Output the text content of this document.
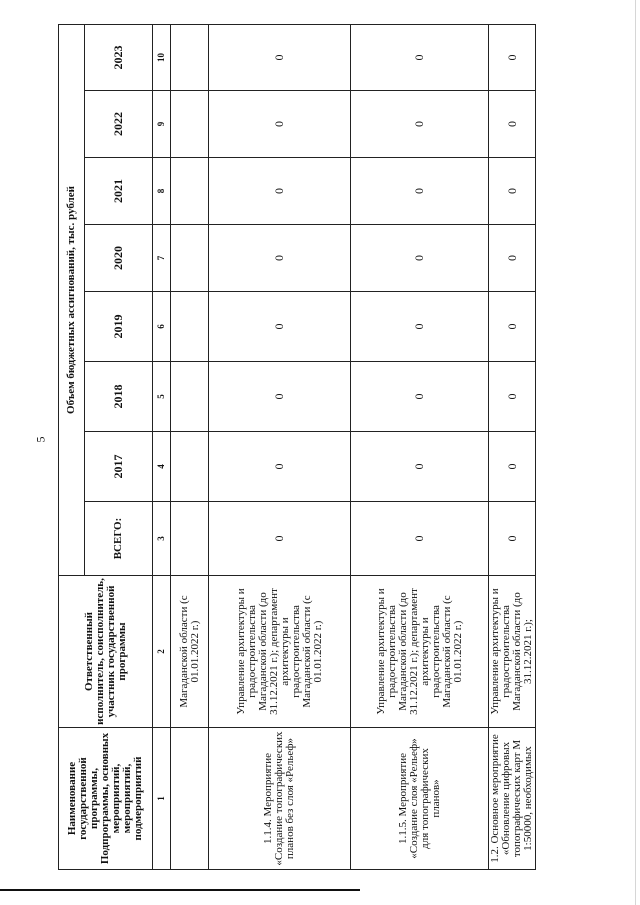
5
Наименование государственной программы, Подпрограммы, основных мероприятий, мероприятий, подмероприятий	Ответственный исполнитель, соисполнитель, участник государственной программы	Объем бюджетных ассигнований, тыс. рублей							
		ВСЕГО:	2017	2018	2019	2020	2021	2022	2023
1	2	3	4	5	6	7	8	9	10
	Магаданской области (с 01.01.2022 г.)								
1.1.4. Мероприятие «Создание топографических планов без слоя «Рельеф»	Управление архитектуры и градостроительства Магаданской области (до 31.12.2021 г.); департамент архитектуры и градостроительства Магаданской области (с 01.01.2022 г.)	0	0	0	0	0	0	0	0
1.1.5. Мероприятие «Создание слоя «Рельеф» для топографических планов»	Управление архитектуры и градостроительства Магаданской области (до 31.12.2021 г.); департамент архитектуры и градостроительства Магаданской области (с 01.01.2022 г.)	0	0	0	0	0	0	0	0
1.2. Основное мероприятие «Обновление цифровых топографических карт М 1:50000, необходимых	Управление архитектуры и градостроительства Магаданской области (до 31.12.2021 г.);	0	0	0	0	0	0	0	0
